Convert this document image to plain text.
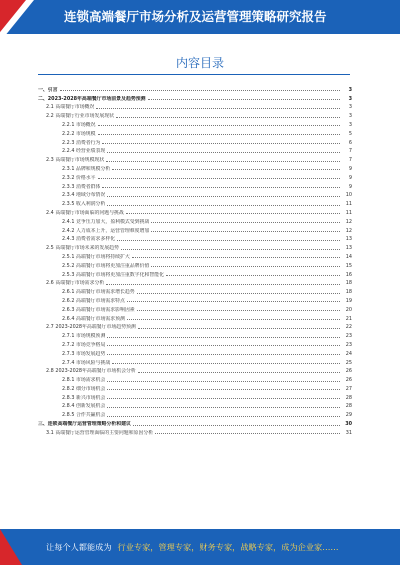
连锁高端餐厅市场分析及运营管理策略研究报告
内容目录
一、引言	3
二、2023-2028年高端餐厅市场前景及趋势预测	3
2.1 高端餐厅市场概况	3
2.2 高端餐厅行业市场发展现状	3
2.2.1 市场概况	3
2.2.2 市场规模	5
2.2.3 消费者行为	6
2.2.4 经营业绩表现	7
2.3 高端餐厅市场规模现状	7
2.3.1 品牌和规模分析	9
2.3.2 价格水平	9
2.3.3 消费者群体	9
2.3.4 地域分布情况	10
2.3.5 收入利润分析	11
2.4 高端餐厅市场面临的问题与挑战	11
2.4.1 竞争压力加大，盈利模式受到挑战	12
2.4.2 人力成本上升，运营管理难度增加	12
2.4.3 消费者需求多样化	13
2.5 高端餐厅市场未来的发展趋势	13
2.5.1 高端餐厅市场将持续扩大	14
2.5.2 高端餐厅市场将更加注重品牌价值	15
2.5.3 高端餐厅市场将更加注重数字化和智能化	16
2.6 高端餐厅市场需求分析	18
2.6.1 高端餐厅市场需求增长趋势	18
2.6.2 高端餐厅市场需求特点	19
2.6.3 高端餐厅市场需求影响因素	20
2.6.4 高端餐厅市场需求预测	21
2.7 2023-2028年高端餐厅市场趋势预测	22
2.7.1 市场规模预测	23
2.7.2 市场竞争格局	23
2.7.3 市场发展趋势	24
2.7.4 市场风险与挑战	25
2.8 2023-2028年高端餐厅市场机会分析	26
2.8.1 市场需求机会	26
2.8.2 细分市场机会	27
2.8.3 新兴市场机会	28
2.8.4 创新发展机会	28
2.8.5 合作共赢机会	29
三、连锁高端餐厅运营管理策略分析和建议	30
3.1 高端餐厅运营管理面临的主要问题和原因分析	31
让每个人都能成为 行业专家，管理专家，财务专家，战略专家，成为企业家……
